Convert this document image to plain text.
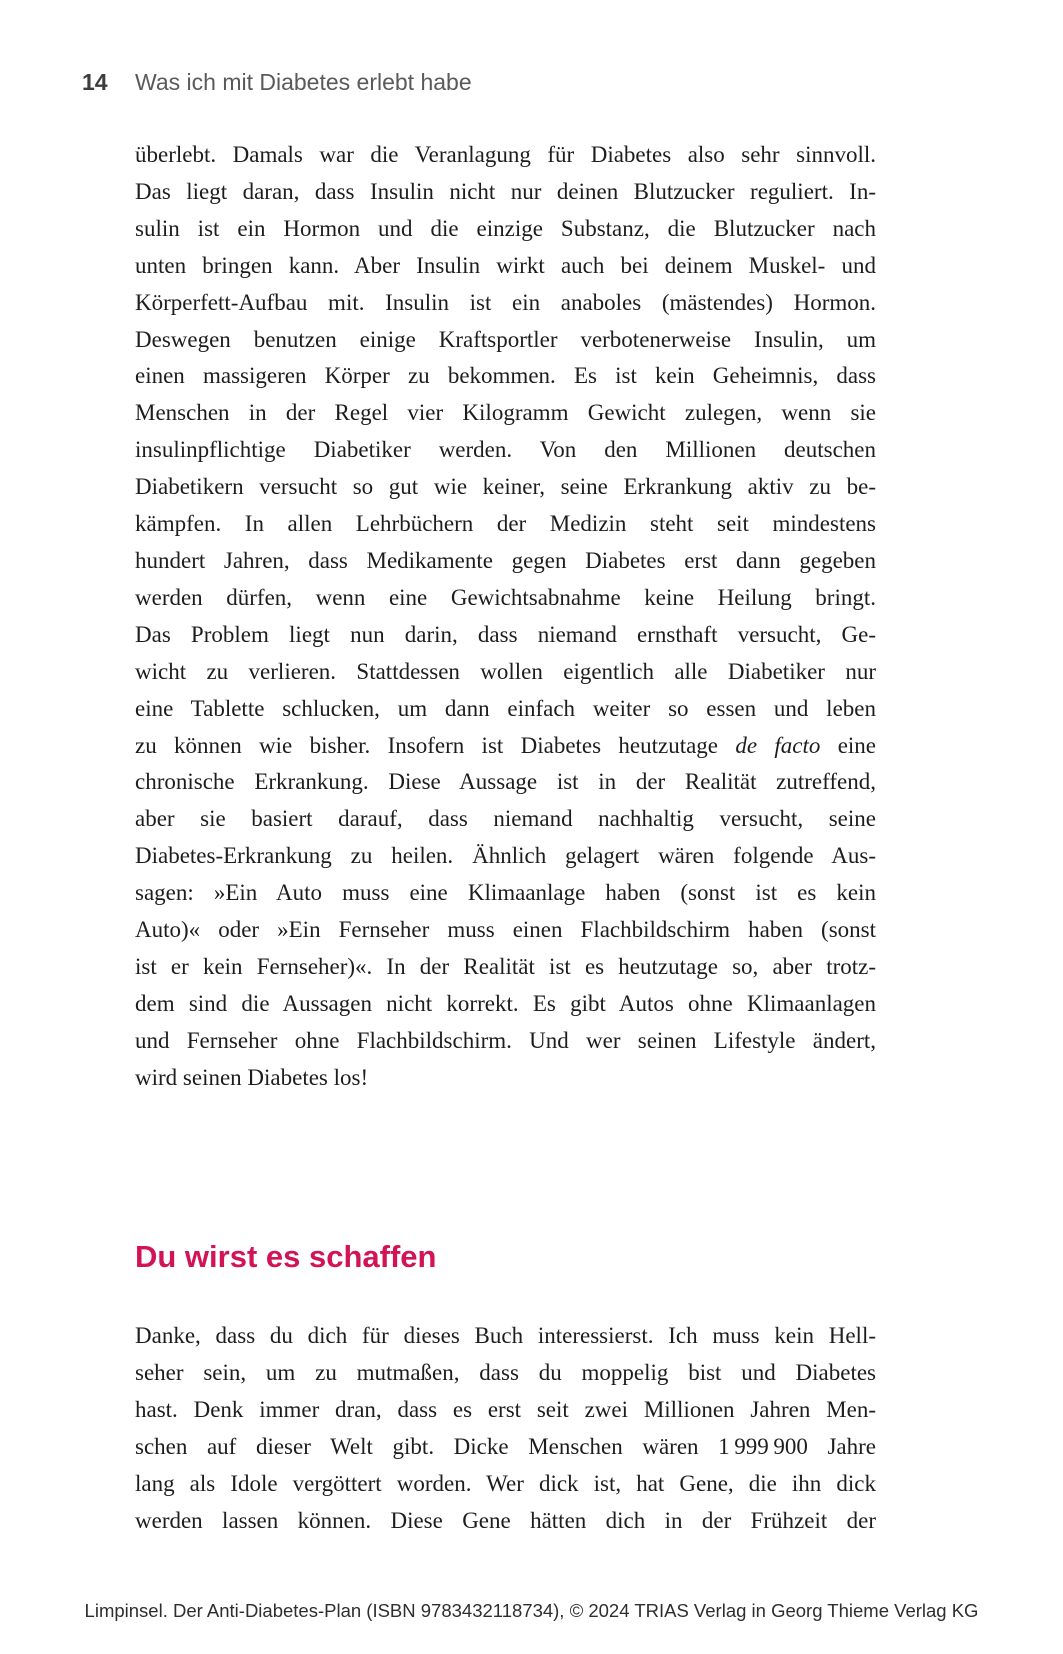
14	Was ich mit Diabetes erlebt habe
überlebt. Damals war die Veranlagung für Diabetes also sehr sinnvoll.
Das liegt daran, dass Insulin nicht nur deinen Blutzucker reguliert. In-
sulin ist ein Hormon und die einzige Substanz, die Blutzucker nach
unten bringen kann. Aber Insulin wirkt auch bei deinem Muskel- und
Körperfett-Aufbau mit. Insulin ist ein anaboles (mästendes) Hormon.
Deswegen benutzen einige Kraftsportler verbotenerweise Insulin, um
einen massigeren Körper zu bekommen. Es ist kein Geheimnis, dass
Menschen in der Regel vier Kilogramm Gewicht zulegen, wenn sie
insulinpflichtige Diabetiker werden. Von den Millionen deutschen
Diabetikern versucht so gut wie keiner, seine Erkrankung aktiv zu be-
kämpfen. In allen Lehrbüchern der Medizin steht seit mindestens
hundert Jahren, dass Medikamente gegen Diabetes erst dann gegeben
werden dürfen, wenn eine Gewichtsabnahme keine Heilung bringt.
Das Problem liegt nun darin, dass niemand ernsthaft versucht, Ge-
wicht zu verlieren. Stattdessen wollen eigentlich alle Diabetiker nur
eine Tablette schlucken, um dann einfach weiter so essen und leben
zu können wie bisher. Insofern ist Diabetes heutzutage de facto eine
chronische Erkrankung. Diese Aussage ist in der Realität zutreffend,
aber sie basiert darauf, dass niemand nachhaltig versucht, seine
Diabetes-Erkrankung zu heilen. Ähnlich gelagert wären folgende Aus-
sagen: »Ein Auto muss eine Klimaanlage haben (sonst ist es kein
Auto)« oder »Ein Fernseher muss einen Flachbildschirm haben (sonst
ist er kein Fernseher)«. In der Realität ist es heutzutage so, aber trotz-
dem sind die Aussagen nicht korrekt. Es gibt Autos ohne Klimaanlagen
und Fernseher ohne Flachbildschirm. Und wer seinen Lifestyle ändert,
wird seinen Diabetes los!
Du wirst es schaffen
Danke, dass du dich für dieses Buch interessierst. Ich muss kein Hell-
seher sein, um zu mutmaßen, dass du moppelig bist und Diabetes
hast. Denk immer dran, dass es erst seit zwei Millionen Jahren Men-
schen auf dieser Welt gibt. Dicke Menschen wären 1 999 900 Jahre
lang als Idole vergöttert worden. Wer dick ist, hat Gene, die ihn dick
werden lassen können. Diese Gene hätten dich in der Frühzeit der
Limpinsel. Der Anti-Diabetes-Plan (ISBN 9783432118734), © 2024 TRIAS Verlag in Georg Thieme Verlag KG
